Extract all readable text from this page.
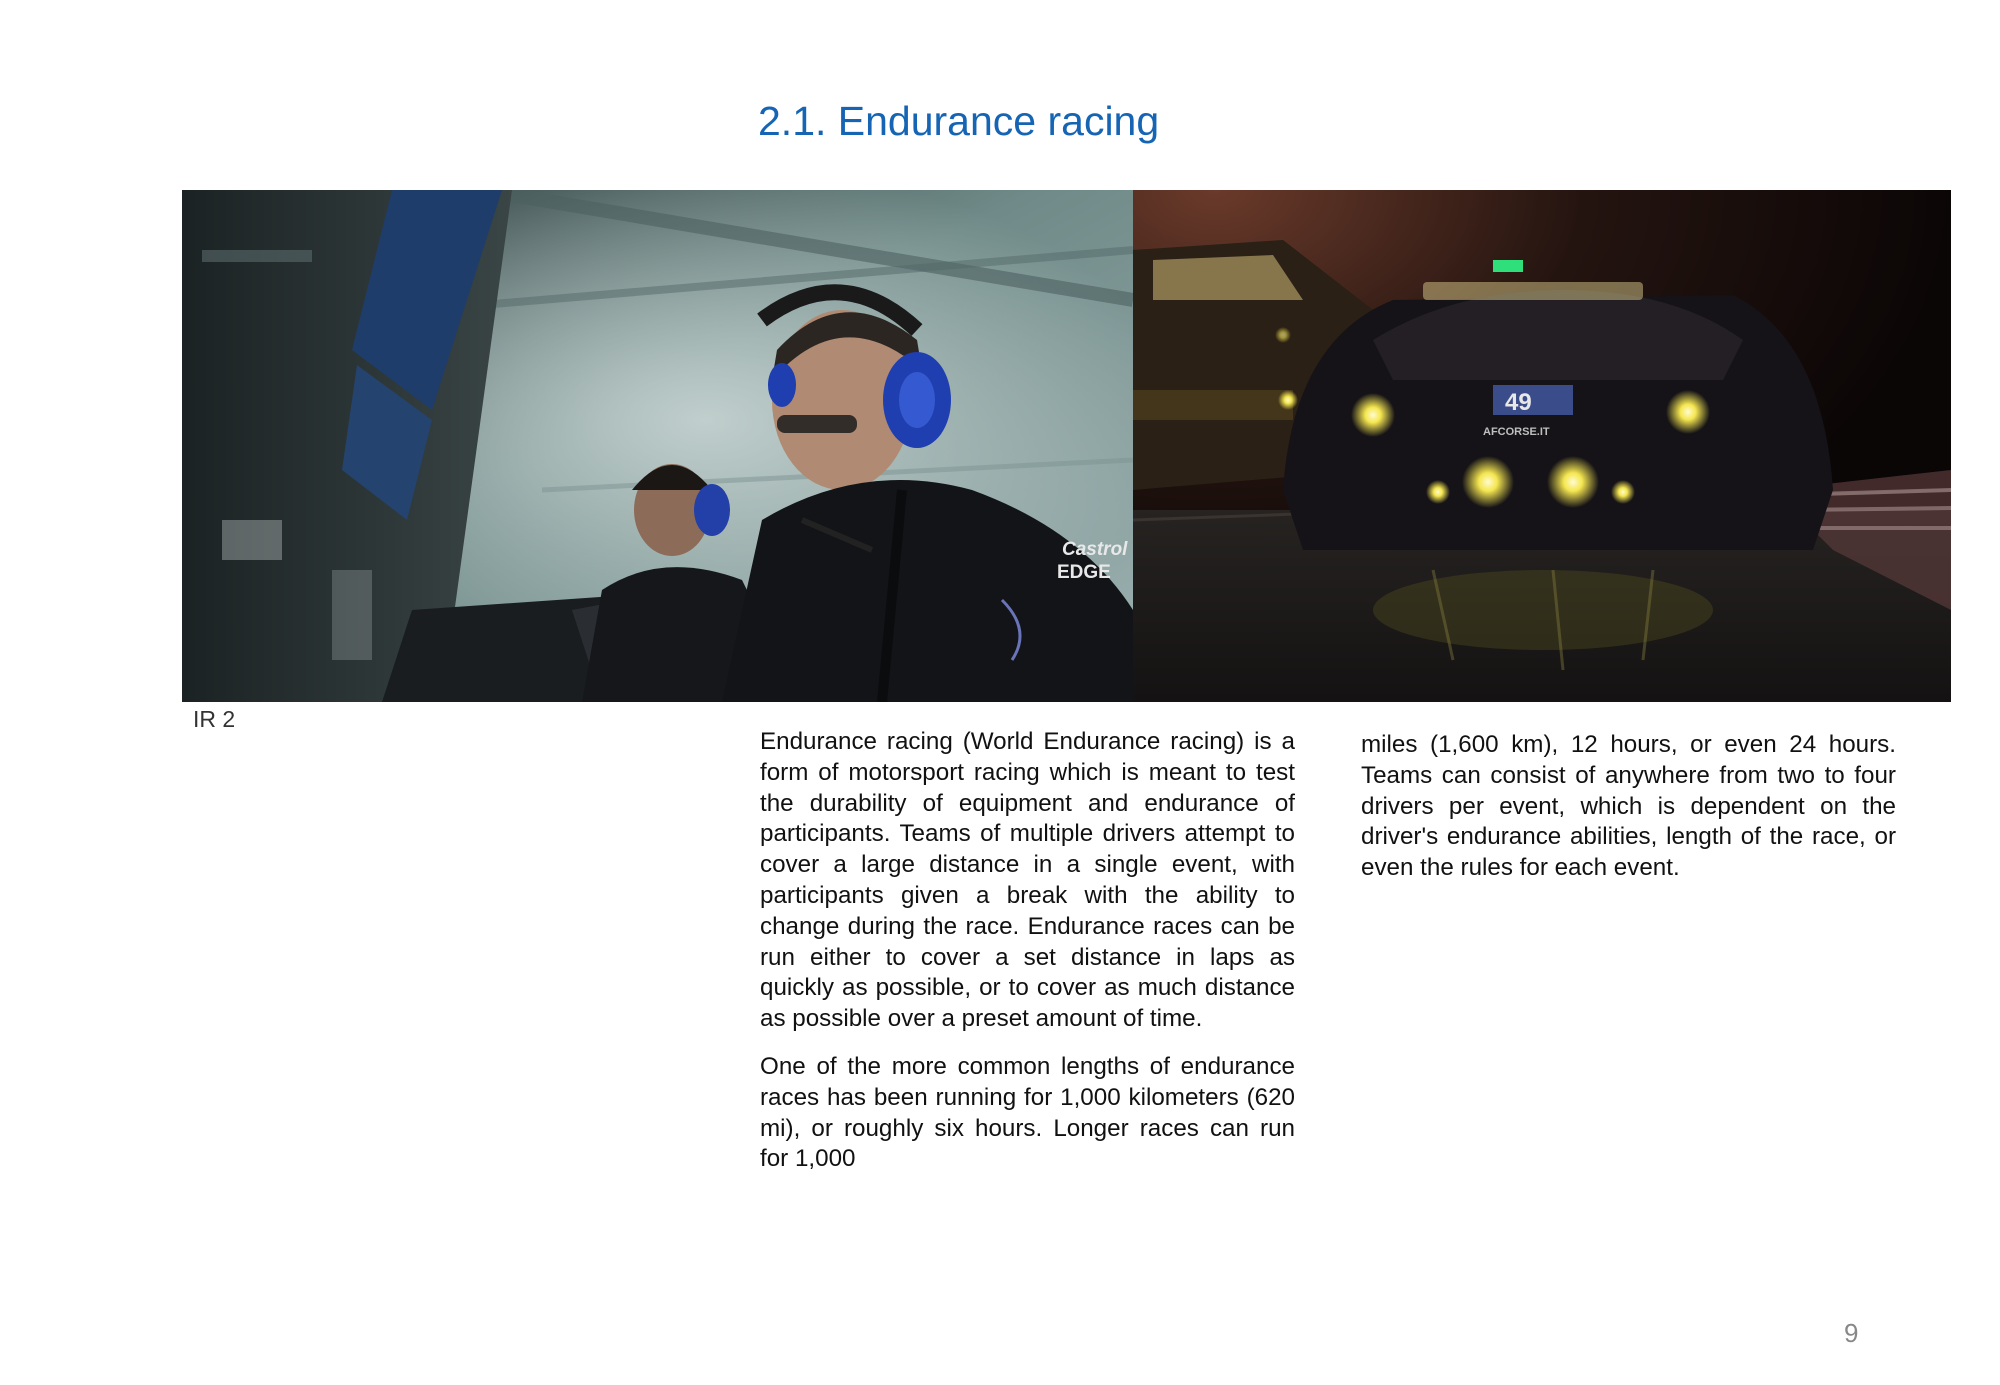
2.1. Endurance racing
Castrol
EDGE
49
AFCORSE.IT
IR 2

Endurance racing (World Endurance racing) is a form of motorsport racing which is meant to test the durability of equipment and endurance of participants. Teams of multiple drivers attempt to cover a large distance in a single event, with participants given a break with the ability to change during the race. Endurance races can be run either to cover a set distance in laps as quickly as possible, or to cover as much distance as possible over a preset amount of time.

One of the more common lengths of endurance races has been running for 1,000 kilometers (620 mi), or roughly six hours. Longer races can run for 1,000

miles (1,600 km), 12 hours, or even 24 hours. Teams can consist of anywhere from two to four drivers per event, which is dependent on the driver's endurance abilities, length of the race, or even the rules for each event.

9
